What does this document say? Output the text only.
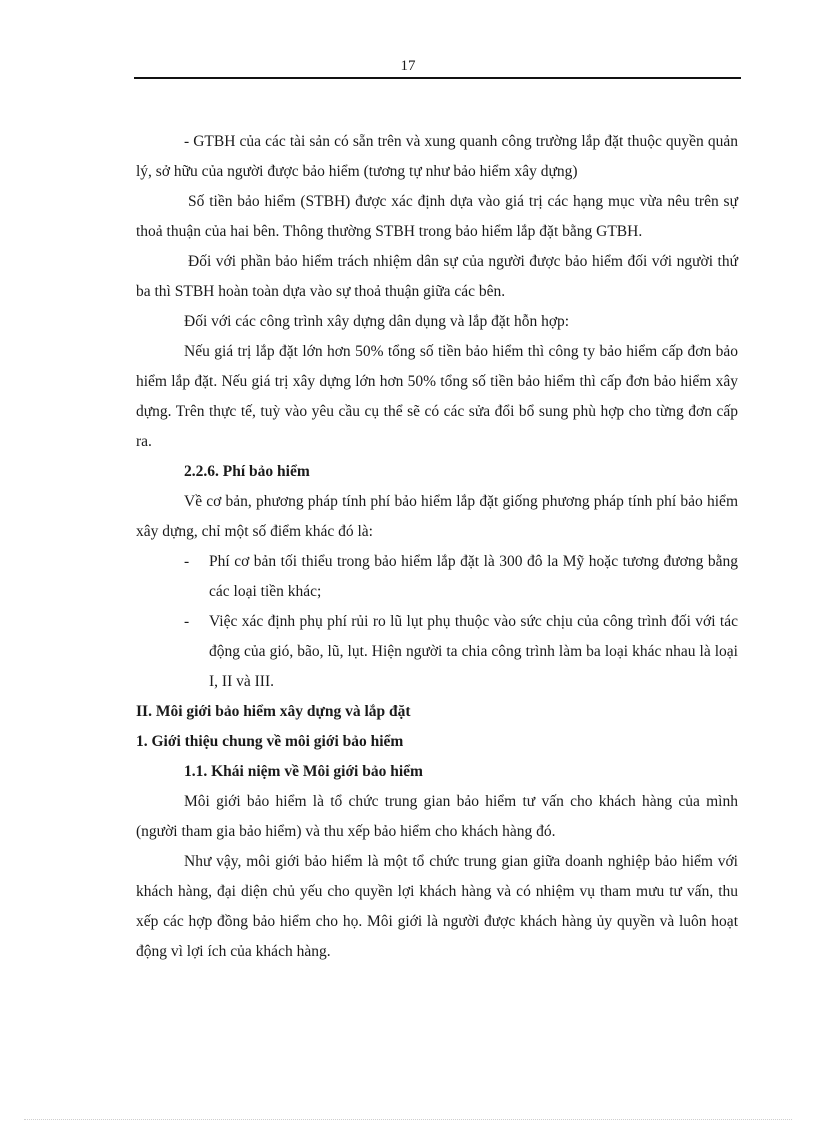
17

- GTBH của các tài sản có sẵn trên và xung quanh công trường lắp đặt thuộc quyền quản lý, sở hữu của người được bảo hiểm (tương tự như bảo hiểm xây dựng)

Số tiền bảo hiểm (STBH) được xác định dựa vào giá trị các hạng mục vừa nêu trên sự thoả thuận của hai bên. Thông thường STBH trong bảo hiểm lắp đặt bằng GTBH.

Đối với phần bảo hiểm trách nhiệm dân sự của người được bảo hiểm đối với người thứ ba thì STBH hoàn toàn dựa vào sự thoả thuận giữa các bên.

Đối với các công trình xây dựng dân dụng và lắp đặt hỗn hợp:

Nếu giá trị lắp đặt lớn hơn 50% tổng số tiền bảo hiểm thì công ty bảo hiểm cấp đơn bảo hiểm lắp đặt. Nếu giá trị xây dựng lớn hơn 50% tổng số tiền bảo hiểm thì cấp đơn bảo hiểm xây dựng. Trên thực tế, tuỳ vào yêu cầu cụ thể sẽ có các sửa đổi bổ sung phù hợp cho từng đơn cấp ra.

2.2.6. Phí bảo hiểm

Về cơ bản, phương pháp tính phí bảo hiểm lắp đặt giống phương pháp tính phí bảo hiểm xây dựng, chỉ một số điểm khác đó là:

- Phí cơ bản tối thiểu trong bảo hiểm lắp đặt là 300 đô la Mỹ hoặc tương đương bằng các loại tiền khác;
- Việc xác định phụ phí rủi ro lũ lụt phụ thuộc vào sức chịu của công trình đối với tác động của gió, bão, lũ, lụt. Hiện người ta chia công trình làm ba loại khác nhau là loại I, II và III.

II. Môi giới bảo hiểm xây dựng và lắp đặt

1. Giới thiệu chung về môi giới bảo hiểm

1.1. Khái niệm về Môi giới bảo hiểm

Môi giới bảo hiểm là tổ chức trung gian bảo hiểm tư vấn cho khách hàng của mình (người tham gia bảo hiểm) và thu xếp bảo hiểm cho khách hàng đó.

Như vậy, môi giới bảo hiểm là một tổ chức trung gian giữa doanh nghiệp bảo hiểm với khách hàng, đại diện chủ yếu cho quyền lợi khách hàng và có nhiệm vụ tham mưu tư vấn, thu xếp các hợp đồng bảo hiểm cho họ. Môi giới là người được khách hàng ủy quyền và luôn hoạt động vì lợi ích của khách hàng.
